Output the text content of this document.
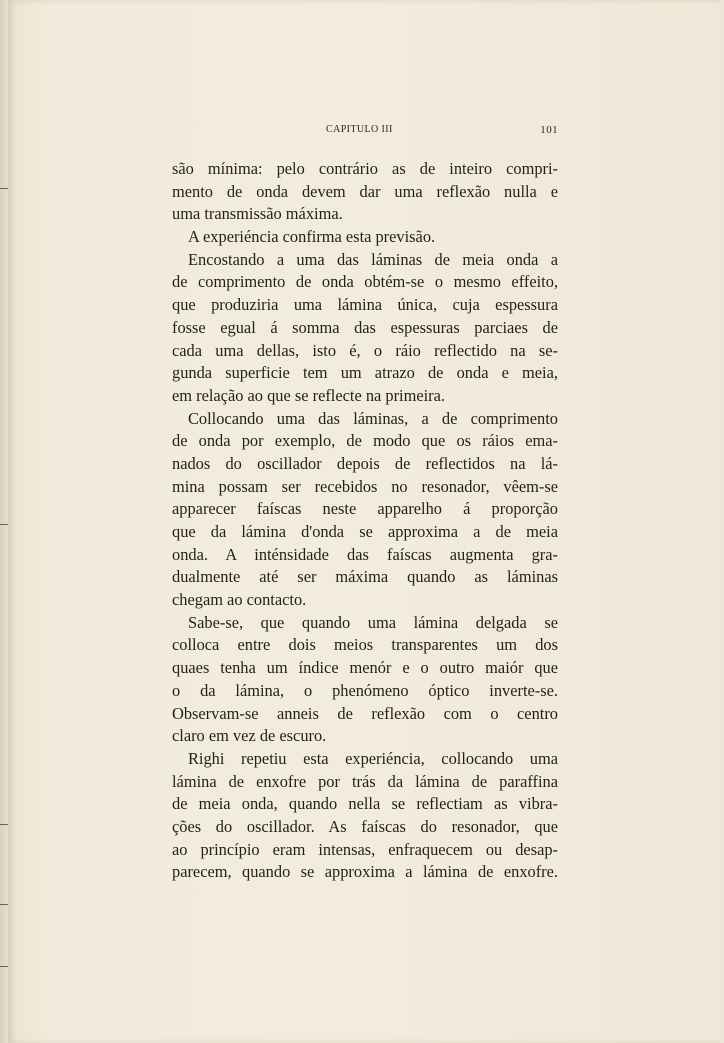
CAPITULO III	101
são mínima: pelo contrário as de inteiro compri-
mento de onda devem dar uma reflexão nulla e
uma transmissão máxima.
A experiéncia confirma esta previsão.
Encostando a uma das láminas de meia onda a
de comprimento de onda obtém-se o mesmo effeito,
que produziria uma lámina única, cuja espessura
fosse egual á somma das espessuras parciaes de
cada uma dellas, isto é, o ráio reflectido na se-
gunda superficie tem um atrazo de onda e meia,
em relação ao que se reflecte na primeira.
Collocando uma das láminas, a de comprimento
de onda por exemplo, de modo que os ráios ema-
nados do oscillador depois de reflectidos na lá-
mina possam ser recebidos no resonador, vêem-se
apparecer faíscas neste apparelho á proporção
que da lámina d'onda se approxima a de meia
onda. A inténsidade das faíscas augmenta gra-
dualmente até ser máxima quando as láminas
chegam ao contacto.
Sabe-se, que quando uma lámina delgada se
colloca entre dois meios transparentes um dos
quaes tenha um índice menór e o outro maiór que
o da lámina, o phenómeno óptico inverte-se.
Observam-se anneis de reflexão com o centro
claro em vez de escuro.
Righi repetiu esta experiéncia, collocando uma
lámina de enxofre por trás da lámina de paraffina
de meia onda, quando nella se reflectiam as vibra-
ções do oscillador. As faíscas do resonador, que
ao princípio eram intensas, enfraquecem ou desap-
parecem, quando se approxima a lámina de enxofre.
